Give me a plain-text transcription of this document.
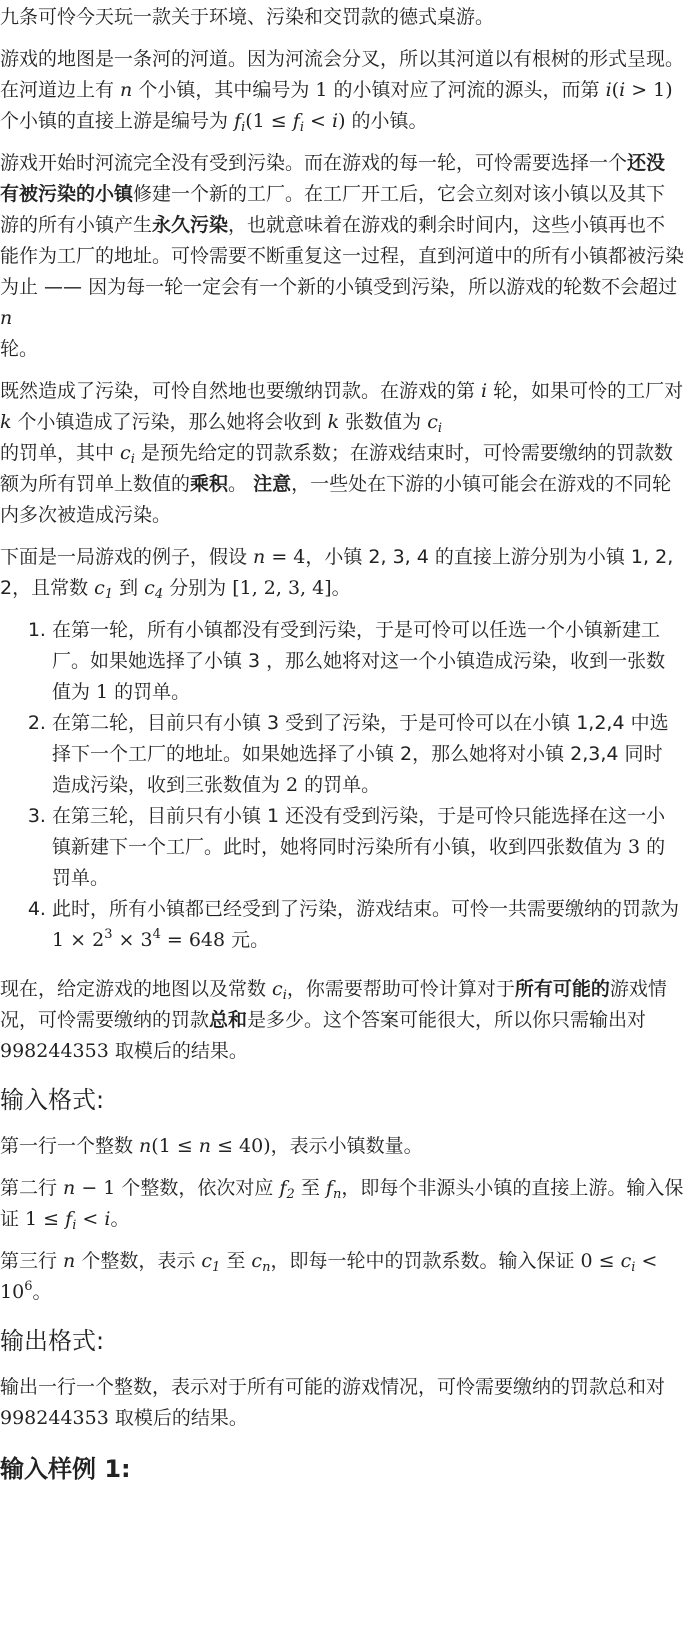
九条可怜今天玩一款关于环境、污染和交罚款的德式桌游。

游戏的地图是一条河的河道。因为河流会分叉，所以其河道以有根树的形式呈现。在河道边上有 n 个小镇，其中编号为 1 的小镇对应了河流的源头，而第 i(i > 1) 个小镇的直接上游是编号为 $f_i(1 \le f_i < i)$ 的小镇。

游戏开始时河流完全没有受到污染。而在游戏的每一轮，可怜需要选择一个还没有被污染的小镇修建一个新的工厂。在工厂开工后，它会立刻对该小镇以及其下游的所有小镇产生永久污染，也就意味着在游戏的剩余时间内，这些小镇再也不能作为工厂的地址。可怜需要不断重复这一过程，直到河道中的所有小镇都被污染为止 —— 因为每一轮一定会有一个新的小镇受到污染，所以游戏的轮数不会超过 n
轮。

既然造成了污染，可怜自然地也要缴纳罚款。在游戏的第 i 轮，如果可怜的工厂对 k 个小镇造成了污染，那么她将会收到 k 张数值为 $c_i$
的罚单，其中 $c_i$ 是预先给定的罚款系数；在游戏结束时，可怜需要缴纳的罚款数额为所有罚单上数值的乘积。 注意，一些处在下游的小镇可能会在游戏的不同轮内多次被造成污染。

下面是一局游戏的例子，假设 n = 4，小镇 2, 3, 4 的直接上游分别为小镇 1, 2, 2，且常数 $c_1$ 到 $c_4$ 分别为 [1, 2, 3, 4]。

1. 在第一轮，所有小镇都没有受到污染，于是可怜可以任选一个小镇新建工厂。如果她选择了小镇 3 ，那么她将对这一个小镇造成污染，收到一张数值为 1 的罚单。
2. 在第二轮，目前只有小镇 3 受到了污染，于是可怜可以在小镇 1,2,4 中选择下一个工厂的地址。如果她选择了小镇 2，那么她将对小镇 2,3,4 同时造成污染，收到三张数值为 2 的罚单。
3. 在第三轮，目前只有小镇 1 还没有受到污染，于是可怜只能选择在这一小镇新建下一个工厂。此时，她将同时污染所有小镇，收到四张数值为 3 的罚单。
4. 此时，所有小镇都已经受到了污染，游戏结束。可怜一共需要缴纳的罚款为 $1 \times 2^3 \times 3^4 = 648$ 元。

现在，给定游戏的地图以及常数 $c_i$，你需要帮助可怜计算对于所有可能的游戏情况，可怜需要缴纳的罚款总和是多少。这个答案可能很大，所以你只需输出对 998244353 取模后的结果。

输入格式:

第一行一个整数 n(1 ≤ n ≤ 40)，表示小镇数量。

第二行 n − 1 个整数，依次对应 $f_2$ 至 $f_n$，即每个非源头小镇的直接上游。输入保证 $1 \le f_i < i$。

第三行 n 个整数，表示 $c_1$ 至 $c_n$，即每一轮中的罚款系数。输入保证 $0 \le c_i < 10^6$。

输出格式:

输出一行一个整数，表示对于所有可能的游戏情况，可怜需要缴纳的罚款总和对 998244353 取模后的结果。

输入样例 1:
